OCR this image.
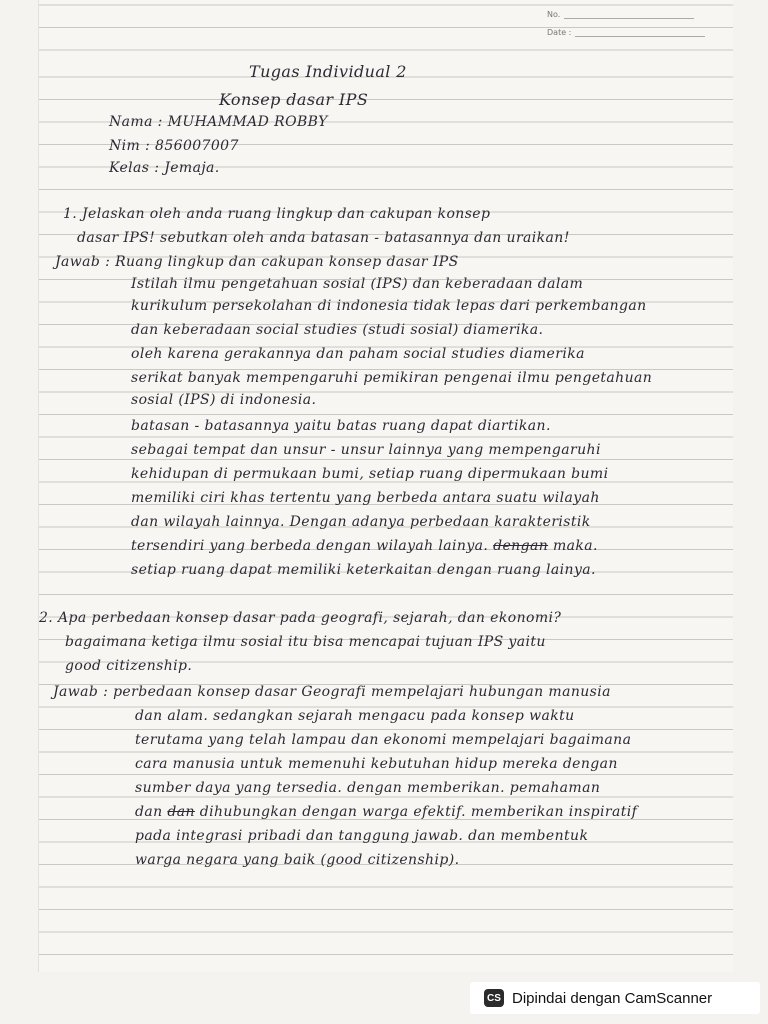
No.
Date :

Tugas Individual 2

Konsep dasar IPS

Nama : MUHAMMAD ROBBY

Nim : 856007007

Kelas : Jemaja.

1. Jelaskan oleh anda ruang lingkup dan cakupan konsep

dasar IPS! sebutkan oleh anda batasan - batasannya dan uraikan!

Jawab : Ruang lingkup dan cakupan konsep dasar IPS

Istilah ilmu pengetahuan sosial (IPS) dan keberadaan dalam

kurikulum persekolahan di indonesia tidak lepas dari perkembangan

dan keberadaan social studies (studi sosial) diamerika.

oleh karena gerakannya dan paham social studies diamerika

serikat banyak mempengaruhi pemikiran pengenai ilmu pengetahuan

sosial (IPS) di indonesia.

batasan - batasannya yaitu batas ruang dapat diartikan.

sebagai tempat dan unsur - unsur lainnya yang mempengaruhi

kehidupan di permukaan bumi, setiap ruang dipermukaan bumi

memiliki ciri khas tertentu yang berbeda antara suatu wilayah

dan wilayah lainnya. Dengan adanya perbedaan karakteristik

tersendiri yang berbeda dengan wilayah lainya. dengan maka.

setiap ruang dapat memiliki keterkaitan dengan ruang lainya.

2. Apa perbedaan konsep dasar pada geografi, sejarah, dan ekonomi?

bagaimana ketiga ilmu sosial itu bisa mencapai tujuan IPS yaitu

good citizenship.

Jawab : perbedaan konsep dasar Geografi mempelajari hubungan manusia

dan alam. sedangkan sejarah mengacu pada konsep waktu

terutama yang telah lampau dan ekonomi mempelajari bagaimana

cara manusia untuk memenuhi kebutuhan hidup mereka dengan

sumber daya yang tersedia. dengan memberikan. pemahaman

dan dan dihubungkan dengan warga efektif. memberikan inspiratif

pada integrasi pribadi dan tanggung jawab. dan membentuk

warga negara yang baik (good citizenship).

CS Dipindai dengan CamScanner
